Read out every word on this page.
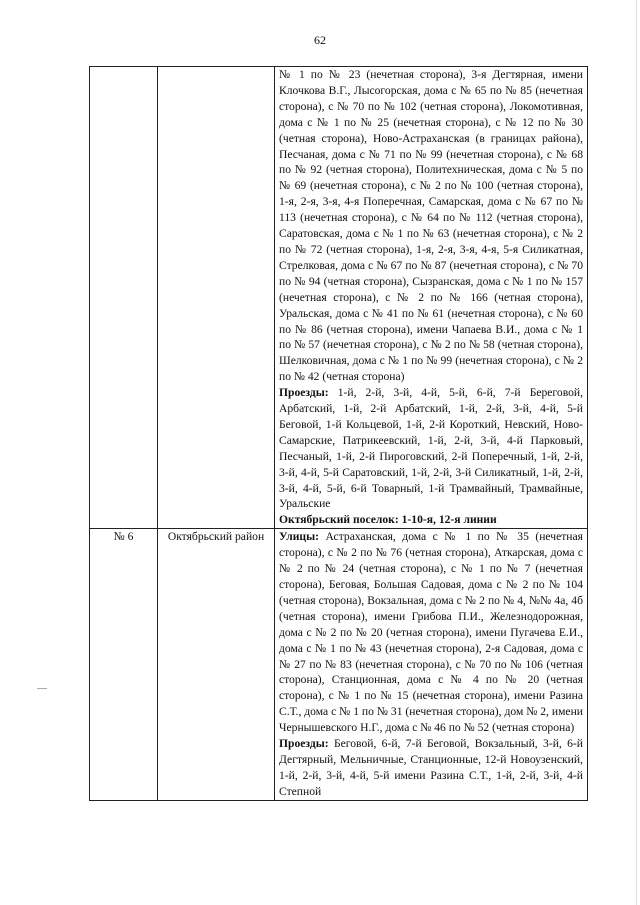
62

		№ 1 по № 23 (нечетная сторона), 3-я Дегтярная, имени Клочкова В.Г., Лысогорская, дома с № 65 по № 85 (нечетная сторона), с № 70 по № 102 (четная сторона), Локомотивная, дома с № 1 по № 25 (нечетная сторона), с № 12 по № 30 (четная сторона), Ново-Астраханская (в границах района), Песчаная, дома с № 71 по № 99 (нечетная сторона), с № 68 по № 92 (четная сторона), Политехническая, дома с № 5 по № 69 (нечетная сторона), с № 2 по № 100 (четная сторона), 1-я, 2-я, 3-я, 4-я Поперечная, Самарская, дома с № 67 по № 113 (нечетная сторона), с № 64 по № 112 (четная сторона), Саратовская, дома с № 1 по № 63 (нечетная сторона), с № 2 по № 72 (четная сторона), 1-я, 2-я, 3-я, 4-я, 5-я Силикатная, Стрелковая, дома с № 67 по № 87 (нечетная сторона), с № 70 по № 94 (четная сторона), Сызранская, дома с № 1 по № 157 (нечетная сторона), с № 2 по № 166 (четная сторона), Уральская, дома с № 41 по № 61 (нечетная сторона), с № 60 по № 86 (четная сторона), имени Чапаева В.И., дома с № 1 по № 57 (нечетная сторона), с № 2 по № 58 (четная сторона), Шелковичная, дома с № 1 по № 99 (нечетная сторона), с № 2 по № 42 (четная сторона)
Проезды: 1-й, 2-й, 3-й, 4-й, 5-й, 6-й, 7-й Береговой, Арбатский, 1-й, 2-й Арбатский, 1-й, 2-й, 3-й, 4-й, 5-й Беговой, 1-й Кольцевой, 1-й, 2-й Короткий, Невский, Ново-Самарские, Патрикеевский, 1-й, 2-й, 3-й, 4-й Парковый, Песчаный, 1-й, 2-й Пироговский, 2-й Поперечный, 1-й, 2-й, 3-й, 4-й, 5-й Саратовский, 1-й, 2-й, 3-й Силикатный, 1-й, 2-й, 3-й, 4-й, 5-й, 6-й Товарный, 1-й Трамвайный, Трамвайные, Уральские
Октябрьский поселок: 1-10-я, 12-я линии

№ 6	Октябрьский район	Улицы: Астраханская, дома с № 1 по № 35 (нечетная сторона), с № 2 по № 76 (четная сторона), Аткарская, дома с № 2 по № 24 (четная сторона), с № 1 по № 7 (нечетная сторона), Беговая, Большая Садовая, дома с № 2 по № 104 (четная сторона), Вокзальная, дома с № 2 по № 4, №№ 4а, 4б (четная сторона), имени Грибова П.И., Железнодорожная, дома с № 2 по № 20 (четная сторона), имени Пугачева Е.И., дома с № 1 по № 43 (нечетная сторона), 2-я Садовая, дома с № 27 по № 83 (нечетная сторона), с № 70 по № 106 (четная сторона), Станционная, дома с № 4 по № 20 (четная сторона), с № 1 по № 15 (нечетная сторона), имени Разина С.Т., дома с № 1 по № 31 (нечетная сторона), дом № 2, имени Чернышевского Н.Г., дома с № 46 по № 52 (четная сторона)
Проезды: Беговой, 6-й, 7-й Беговой, Вокзальный, 3-й, 6-й Дегтярный, Мельничные, Станционные, 12-й Новоузенский, 1-й, 2-й, 3-й, 4-й, 5-й имени Разина С.Т., 1-й, 2-й, 3-й, 4-й Степной
